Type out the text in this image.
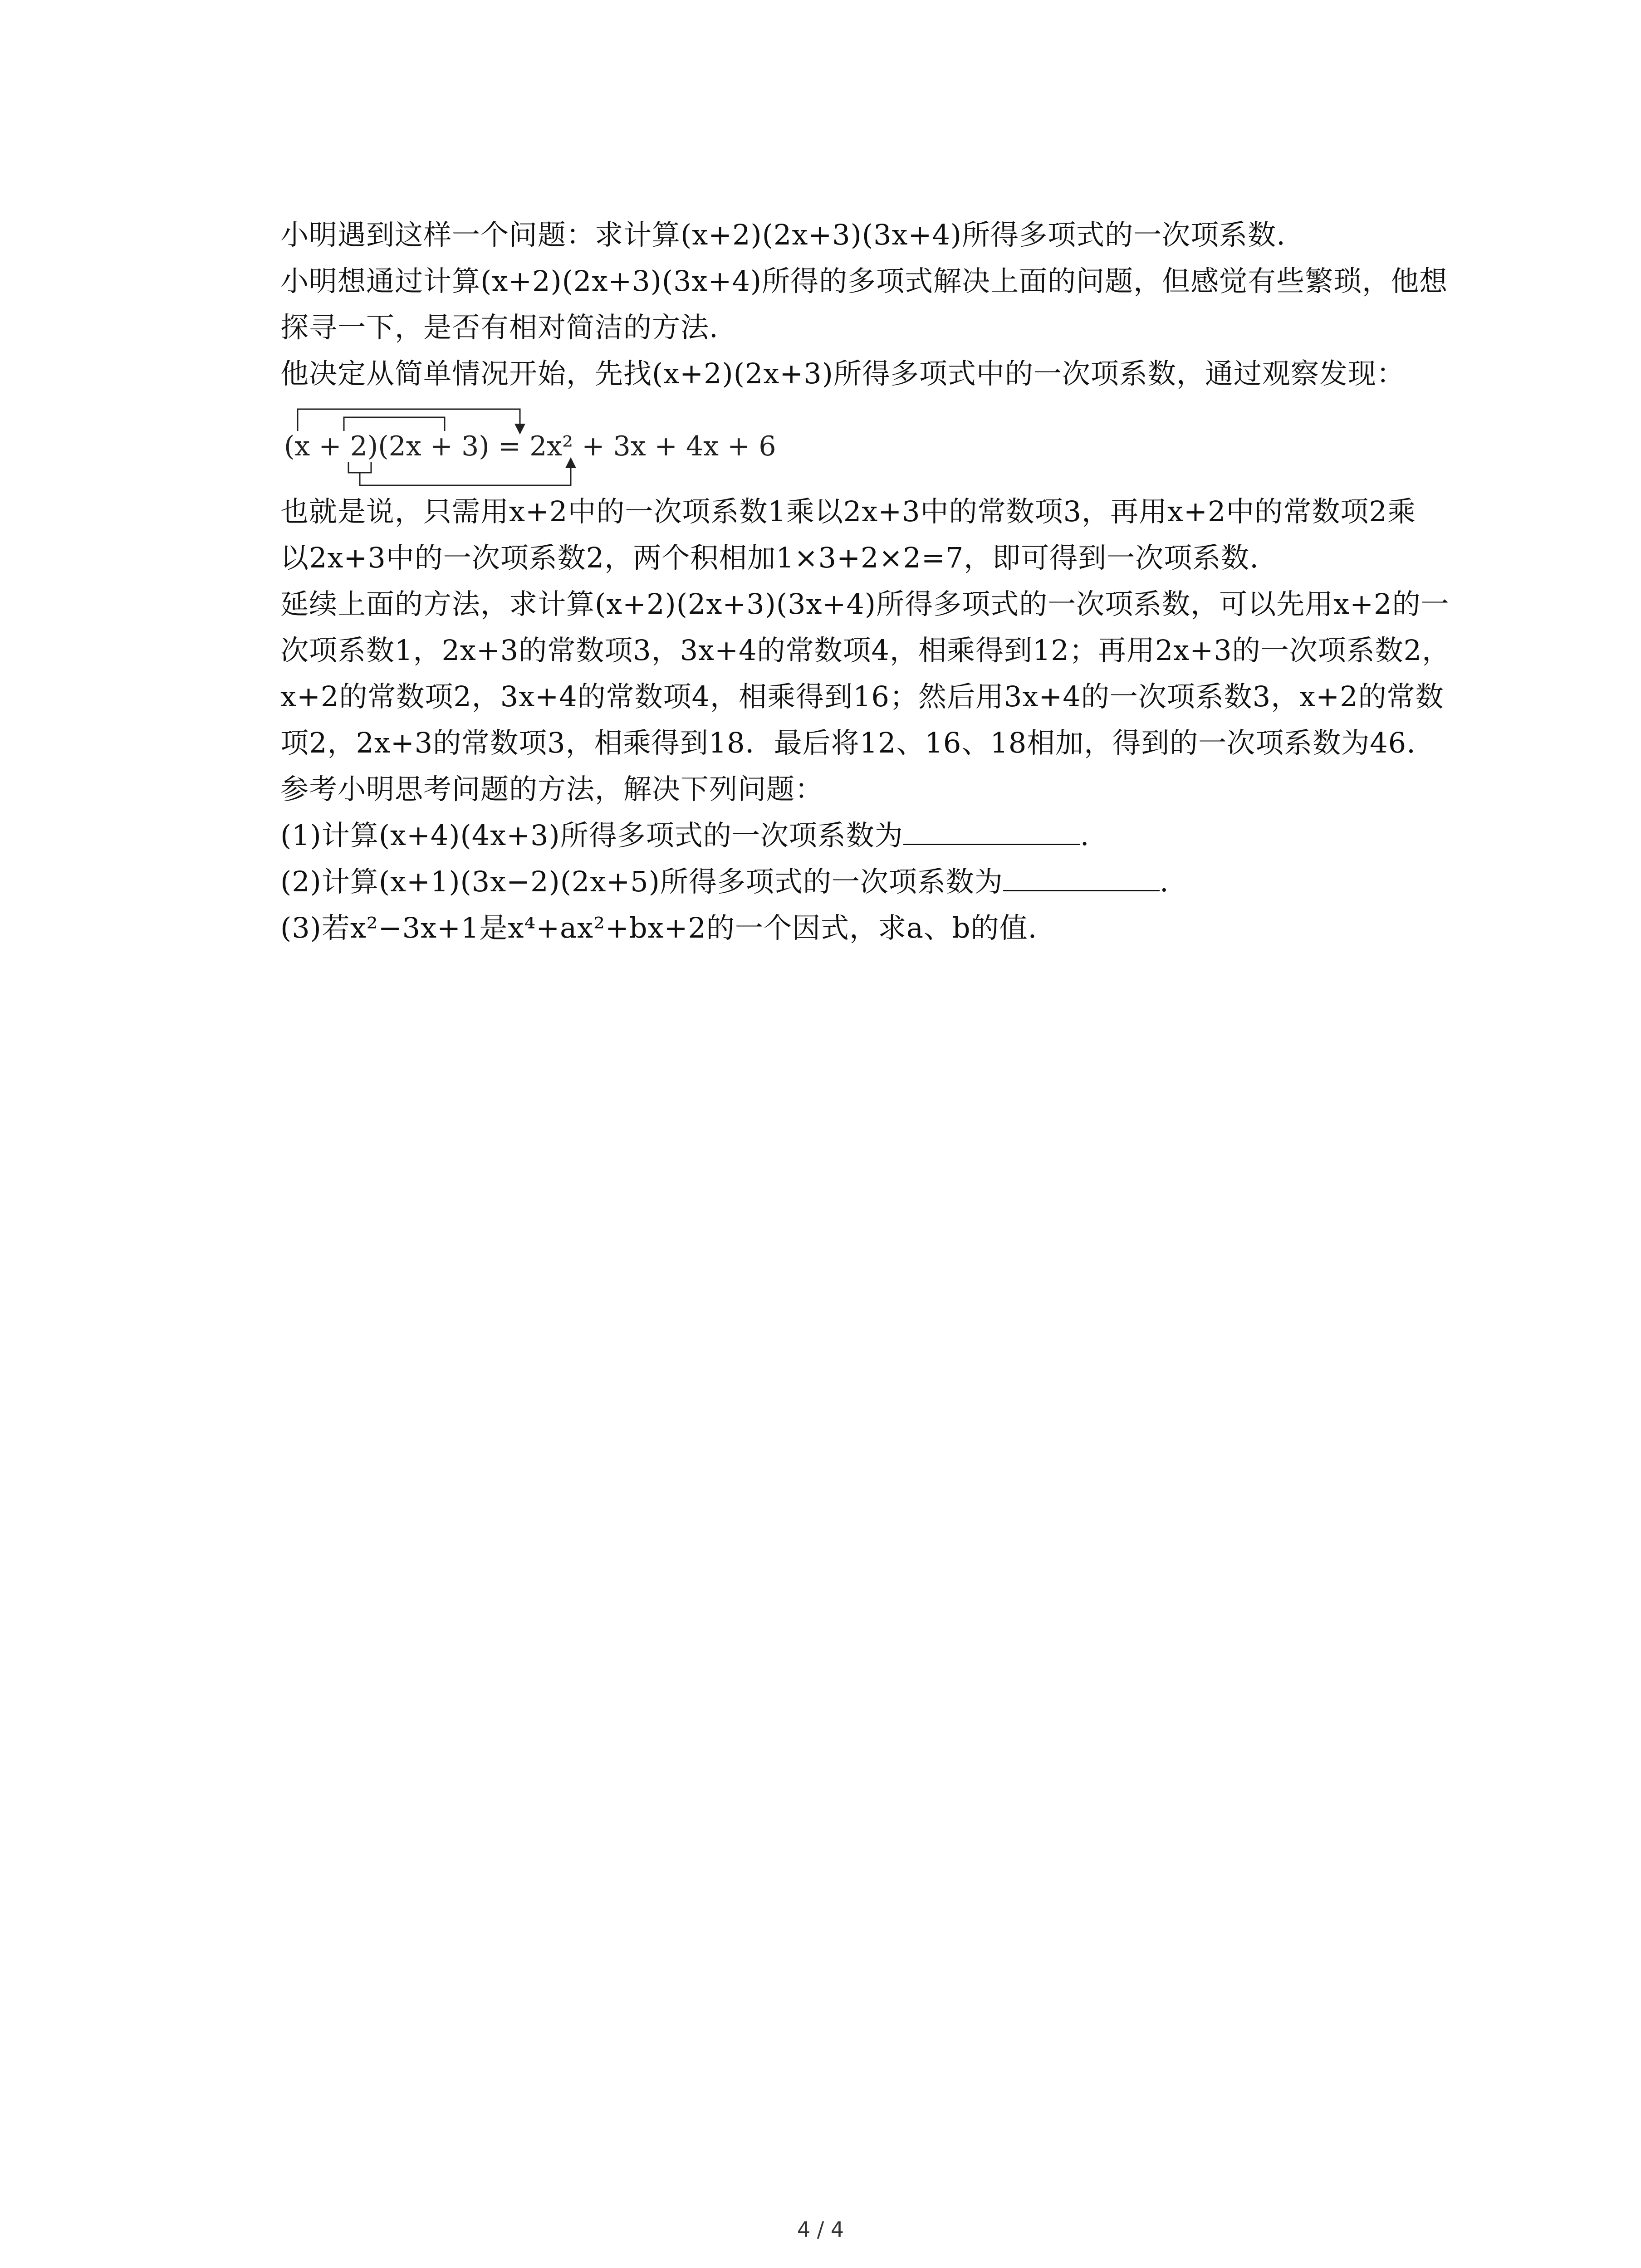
小明遇到这样一个问题：求计算(x+2)(2x+3)(3x+4)所得多项式的一次项系数.
小明想通过计算(x+2)(2x+3)(3x+4)所得的多项式解决上面的问题，但感觉有些繁琐，他想
探寻一下，是否有相对简洁的方法.
他决定从简单情况开始，先找(x+2)(2x+3)所得多项式中的一次项系数，通过观察发现：
(x + 2)(2x + 3) = 2x² + 3x + 4x + 6
也就是说，只需用x+2中的一次项系数1乘以2x+3中的常数项3，再用x+2中的常数项2乘
以2x+3中的一次项系数2，两个积相加1×3+2×2=7，即可得到一次项系数.
延续上面的方法，求计算(x+2)(2x+3)(3x+4)所得多项式的一次项系数，可以先用x+2的一
次项系数1，2x+3的常数项3，3x+4的常数项4，相乘得到12；再用2x+3的一次项系数2，
x+2的常数项2，3x+4的常数项4，相乘得到16；然后用3x+4的一次项系数3，x+2的常数
项2，2x+3的常数项3，相乘得到18．最后将12、16、18相加，得到的一次项系数为46.
参考小明思考问题的方法，解决下列问题：
(1)计算(x+4)(4x+3)所得多项式的一次项系数为	.
(2)计算(x+1)(3x−2)(2x+5)所得多项式的一次项系数为	.
(3)若x²−3x+1是x⁴+ax²+bx+2的一个因式，求a、b的值.
4 / 4
